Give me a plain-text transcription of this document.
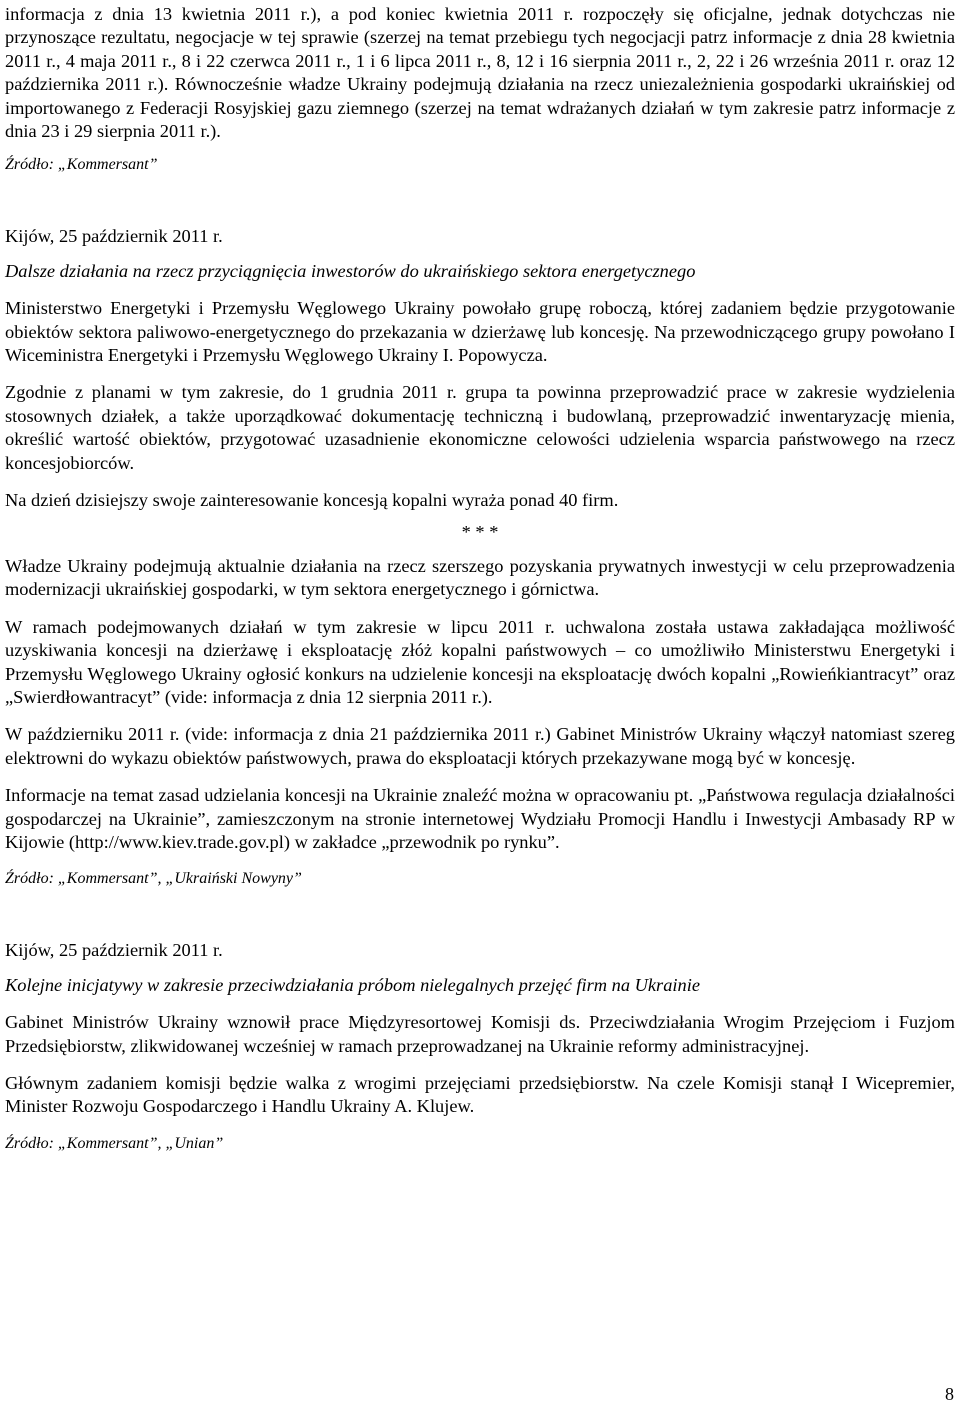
informacja z dnia 13 kwietnia 2011 r.), a pod koniec kwietnia 2011 r. rozpoczęły się oficjalne, jednak dotychczas nie przynoszące rezultatu, negocjacje w tej sprawie (szerzej na temat przebiegu tych negocjacji patrz informacje z dnia 28 kwietnia 2011 r., 4 maja 2011 r., 8 i 22 czerwca 2011 r., 1 i 6 lipca 2011 r., 8, 12 i 16 sierpnia 2011 r., 2, 22 i 26 września 2011 r. oraz 12 października 2011 r.). Równocześnie władze Ukrainy podejmują działania na rzecz uniezależnienia gospodarki ukraińskiej od importowanego z Federacji Rosyjskiej gazu ziemnego (szerzej na temat wdrażanych działań w tym zakresie patrz informacje z dnia 23 i 29 sierpnia 2011 r.).

Źródło: „Kommersant”

Kijów, 25 październik 2011 r.

Dalsze działania na rzecz przyciągnięcia inwestorów do ukraińskiego sektora energetycznego

Ministerstwo Energetyki i Przemysłu Węglowego Ukrainy powołało grupę roboczą, której zadaniem będzie przygotowanie obiektów sektora paliwowo-energetycznego do przekazania w dzierżawę lub koncesję. Na przewodniczącego grupy powołano I Wiceministra Energetyki i Przemysłu Węglowego Ukrainy I. Popowycza.

Zgodnie z planami w tym zakresie, do 1 grudnia 2011 r. grupa ta powinna przeprowadzić prace w zakresie wydzielenia stosownych działek, a także uporządkować dokumentację techniczną i budowlaną, przeprowadzić inwentaryzację mienia, określić wartość obiektów, przygotować uzasadnienie ekonomiczne celowości udzielenia wsparcia państwowego na rzecz koncesjobiorców.

Na dzień dzisiejszy swoje zainteresowanie koncesją kopalni wyraża ponad 40 firm.

* * *

Władze Ukrainy podejmują aktualnie działania na rzecz szerszego pozyskania prywatnych inwestycji w celu przeprowadzenia modernizacji ukraińskiej gospodarki, w tym sektora energetycznego i górnictwa.

W ramach podejmowanych działań w tym zakresie w lipcu 2011 r. uchwalona została ustawa zakładająca możliwość uzyskiwania koncesji na dzierżawę i eksploatację złóż kopalni państwowych – co umożliwiło Ministerstwu Energetyki i Przemysłu Węglowego Ukrainy ogłosić konkurs na udzielenie koncesji na eksploatację dwóch kopalni „Rowieńkiantracyt” oraz „Swierdłowantracyt” (vide: informacja z dnia 12 sierpnia 2011 r.).

W październiku 2011 r. (vide: informacja z dnia 21 października 2011 r.) Gabinet Ministrów Ukrainy włączył natomiast szereg elektrowni do wykazu obiektów państwowych, prawa do eksploatacji których przekazywane mogą być w koncesję.

Informacje na temat zasad udzielania koncesji na Ukrainie znaleźć można w opracowaniu pt. „Państwowa regulacja działalności gospodarczej na Ukrainie”, zamieszczonym na stronie internetowej Wydziału Promocji Handlu i Inwestycji Ambasady RP w Kijowie (http://www.kiev.trade.gov.pl) w zakładce „przewodnik po rynku”.

Źródło: „Kommersant”, „Ukraiński Nowyny”

Kijów, 25 październik 2011 r.

Kolejne inicjatywy w zakresie przeciwdziałania próbom nielegalnych przejęć firm na Ukrainie

Gabinet Ministrów Ukrainy wznowił prace Międzyresortowej Komisji ds. Przeciwdziałania Wrogim Przejęciom i Fuzjom Przedsiębiorstw, zlikwidowanej wcześniej w ramach przeprowadzanej na Ukrainie reformy administracyjnej.

Głównym zadaniem komisji będzie walka z wrogimi przejęciami przedsiębiorstw. Na czele Komisji stanął I Wicepremier, Minister Rozwoju Gospodarczego i Handlu Ukrainy A. Klujew.

Źródło: „Kommersant”, „Unian”

8
